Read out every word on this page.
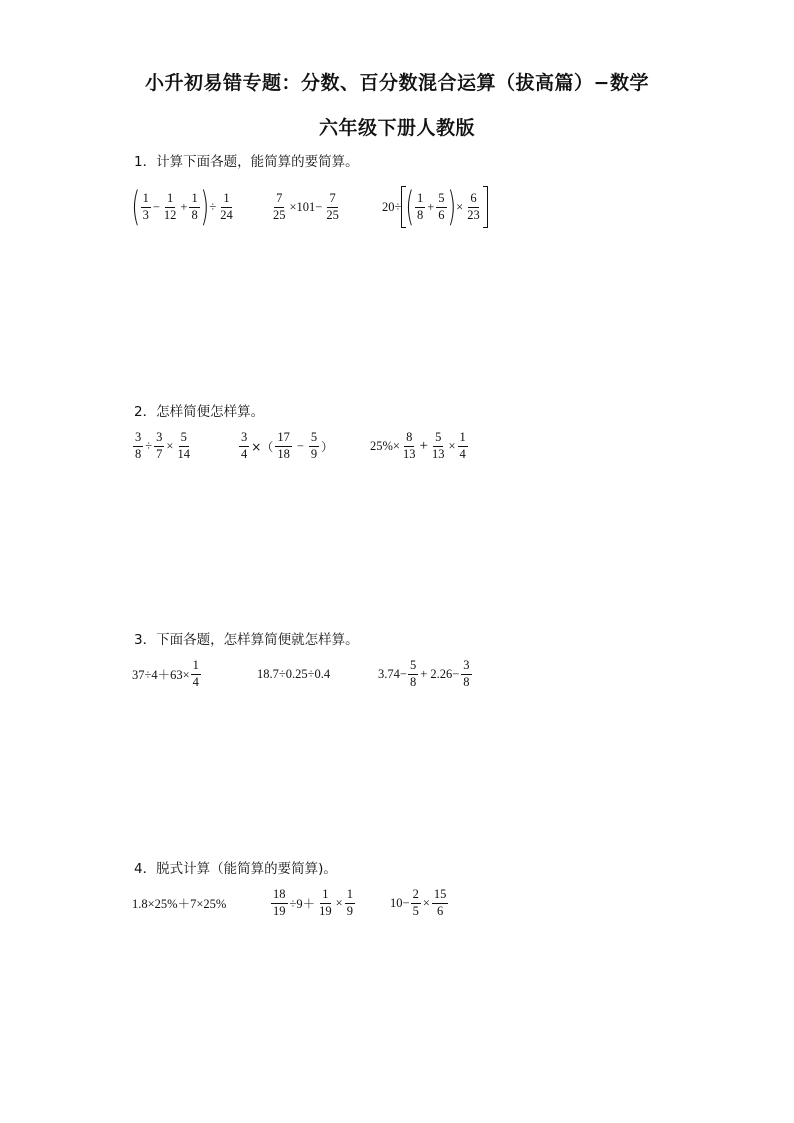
小升初易错专题：分数、百分数混合运算（拔高篇）−数学
六年级下册人教版
1．计算下面各题，能简算的要简算。
( 1
3
− $\frac{1}{12} + \frac{1}{8}$ ) ÷ $\frac{1}{24}$	$\frac{7}{25} \times 101- \frac{7}{25}$	20÷ ( 1
8
+ $\frac{5}{6}$ ) × $\frac{6}{23}$
2．怎样简便怎样算。
$\frac{3}{8} \div \frac{3}{7} \times \frac{5}{14}$	$\frac{3}{4}$ ×（
17
18
− $\frac{5}{9}$ ）	$25\%\times \frac{8}{13} + \frac{5}{13} \times \frac{1}{4}$
3．下面各题，怎样算简便就怎样算。
$37\div 4+63\times \frac{1}{4}$	18.7÷0.25÷0.4	$3.74- \frac{5}{8} + 2.26- \frac{3}{8}$
4．脱式计算（能简算的要简算)。
1.8×25%＋7×25%	$\frac{18}{19} \div 9+ \frac{1}{19} \times \frac{1}{9}$	$10- \frac{2}{5} \times \frac{15}{6}$
